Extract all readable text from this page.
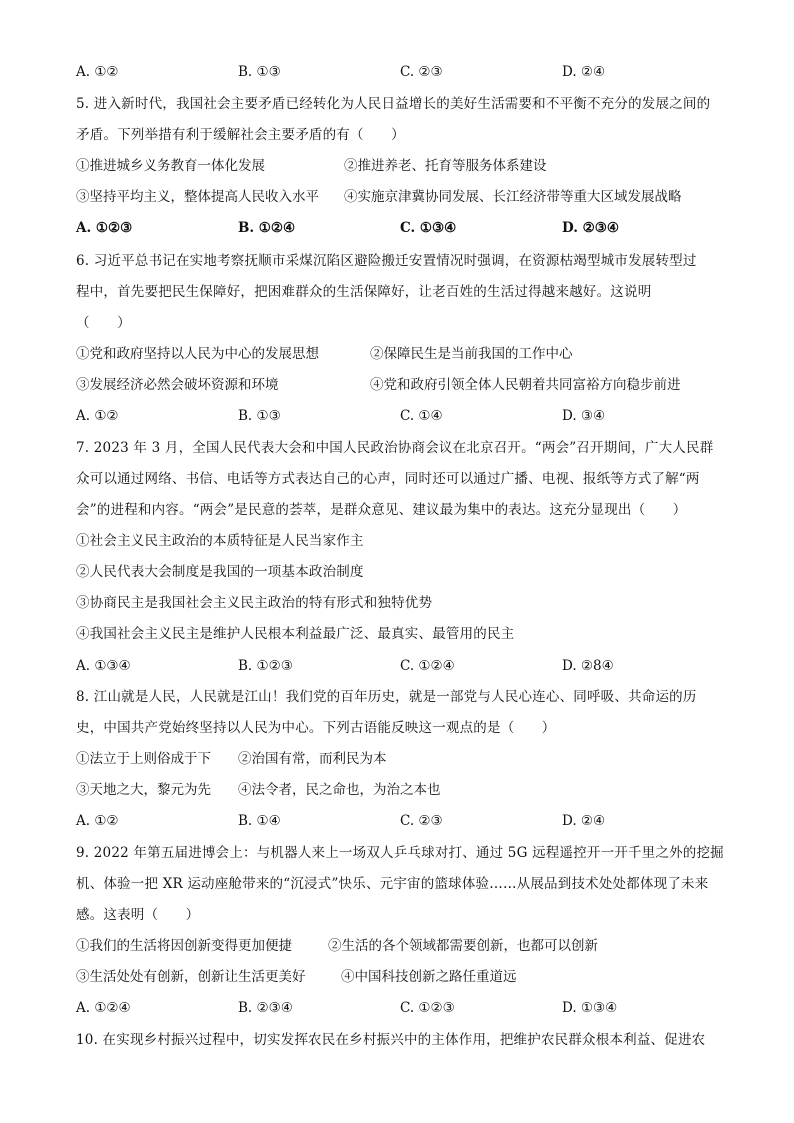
A. ①②	B. ①③	C. ②③	D. ②④
5. 进入新时代，我国社会主要矛盾已经转化为人民日益增长的美好生活需要和不平衡不充分的发展之间的
矛盾。下列举措有利于缓解社会主要矛盾的有（　　）
①推进城乡义务教育一体化发展	②推进养老、托育等服务体系建设
③坚持平均主义，整体提高人民收入水平 ④实施京津冀协同发展、长江经济带等重大区域发展战略
A. ①②③	B. ①②④	C. ①③④	D. ②③④
6. 习近平总书记在实地考察抚顺市采煤沉陷区避险搬迁安置情况时强调，在资源枯竭型城市发展转型过
程中，首先要把民生保障好，把困难群众的生活保障好，让老百姓的生活过得越来越好。这说明
（　　）
①党和政府坚持以人民为中心的发展思想	②保障民生是当前我国的工作中心
③发展经济必然会破坏资源和环境	④党和政府引领全体人民朝着共同富裕方向稳步前进
A. ①②	B. ①③	C. ①④	D. ③④
7. 2023 年 3 月，全国人民代表大会和中国人民政治协商会议在北京召开。“两会”召开期间，广大人民群
众可以通过网络、书信、电话等方式表达自己的心声，同时还可以通过广播、电视、报纸等方式了解“两
会”的进程和内容。“两会”是民意的荟萃，是群众意见、建议最为集中的表达。这充分显现出（　　）
①社会主义民主政治的本质特征是人民当家作主
②人民代表大会制度是我国的一项基本政治制度
③协商民主是我国社会主义民主政治的特有形式和独特优势
④我国社会主义民主是维护人民根本利益最广泛、最真实、最管用的民主
A. ①③④	B. ①②③	C. ①②④	D. ②8④
8. 江山就是人民，人民就是江山！我们党的百年历史，就是一部党与人民心连心、同呼吸、共命运的历
史，中国共产党始终坚持以人民为中心。下列古语能反映这一观点的是（　　）
①法立于上则俗成于下 ②治国有常，而利民为本
③天地之大，黎元为先 ④法令者，民之命也，为治之本也
A. ①②	B. ①④	C. ②③	D. ②④
9. 2022 年第五届进博会上：与机器人来上一场双人乒乓球对打、通过 5G 远程遥控开一开千里之外的挖掘
机、体验一把 XR 运动座舱带来的“沉浸式”快乐、元宇宙的篮球体验……从展品到技术处处都体现了未来
感。这表明（　　）
①我们的生活将因创新变得更加便捷	②生活的各个领域都需要创新，也都可以创新
③生活处处有创新，创新让生活更美好	④中国科技创新之路任重道远
A. ①②④	B. ②③④	C. ①②③	D. ①③④
10. 在实现乡村振兴过程中，切实发挥农民在乡村振兴中的主体作用，把维护农民群众根本利益、促进农
